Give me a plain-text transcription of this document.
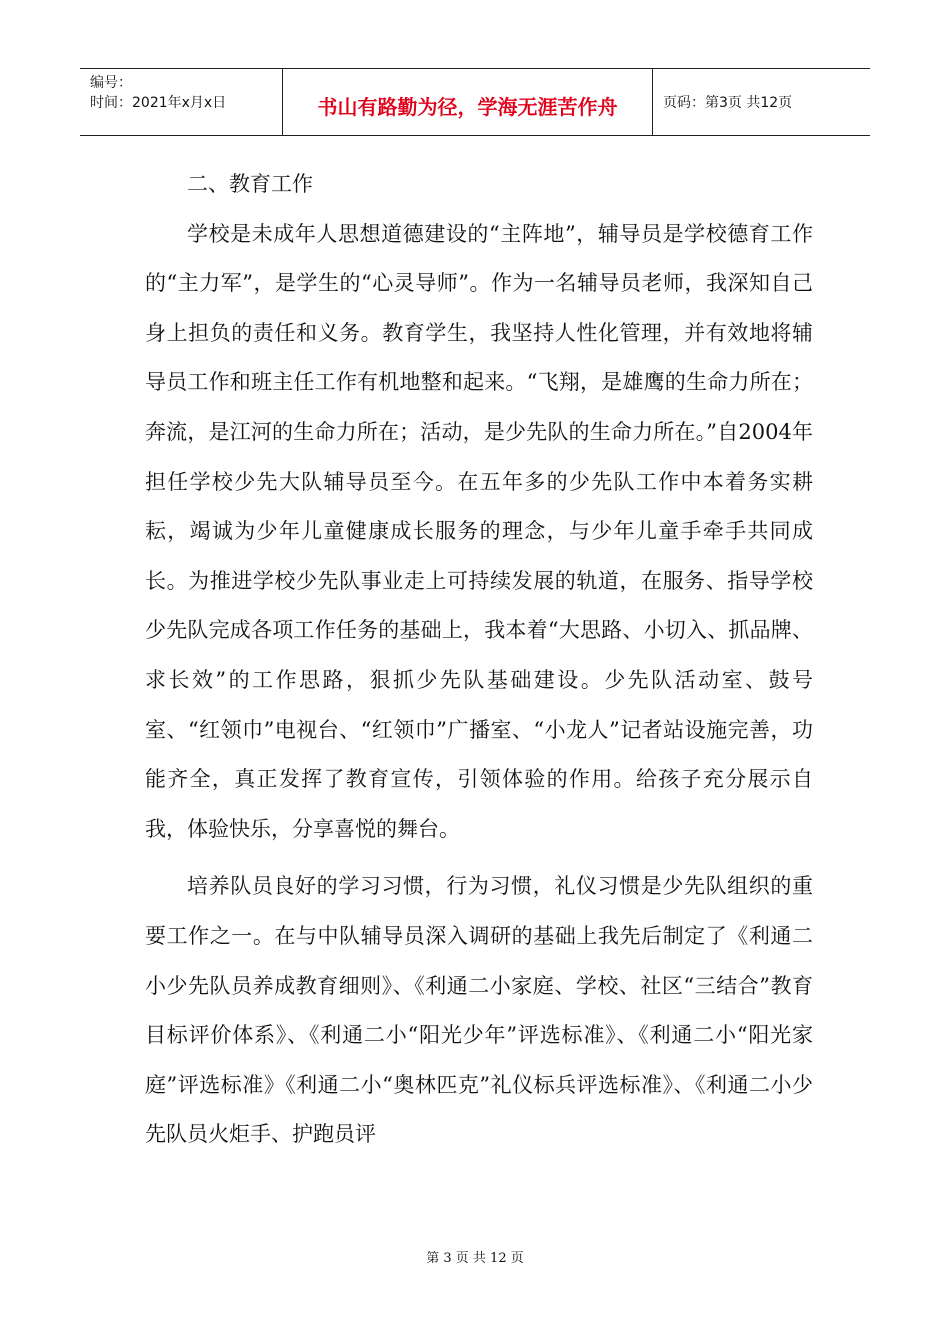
编号：
时间：2021年x月x日	书山有路勤为径，学海无涯苦作舟	页码：第3页 共12页

二、教育工作

学校是未成年人思想道德建设的“主阵地”，辅导员是学校德育工作的“主力军”，是学生的“心灵导师”。作为一名辅导员老师，我深知自己身上担负的责任和义务。教育学生，我坚持人性化管理，并有效地将辅导员工作和班主任工作有机地整和起来。“飞翔，是雄鹰的生命力所在；奔流，是江河的生命力所在；活动，是少先队的生命力所在。”自2004年担任学校少先大队辅导员至今。在五年多的少先队工作中本着务实耕耘，竭诚为少年儿童健康成长服务的理念，与少年儿童手牵手共同成长。为推进学校少先队事业走上可持续发展的轨道，在服务、指导学校少先队完成各项工作任务的基础上，我本着“大思路、小切入、抓品牌、求长效”的工作思路，狠抓少先队基础建设。少先队活动室、鼓号室、“红领巾”电视台、“红领巾”广播室、“小龙人”记者站设施完善，功能齐全，真正发挥了教育宣传，引领体验的作用。给孩子充分展示自我，体验快乐，分享喜悦的舞台。

培养队员良好的学习习惯，行为习惯，礼仪习惯是少先队组织的重要工作之一。在与中队辅导员深入调研的基础上我先后制定了《利通二小少先队员养成教育细则》、《利通二小家庭、学校、社区“三结合”教育目标评价体系》、《利通二小“阳光少年”评选标准》、《利通二小“阳光家庭”评选标准》《利通二小“奥林匹克”礼仪标兵评选标准》、《利通二小少先队员火炬手、护跑员评

第 3 页 共 12 页
